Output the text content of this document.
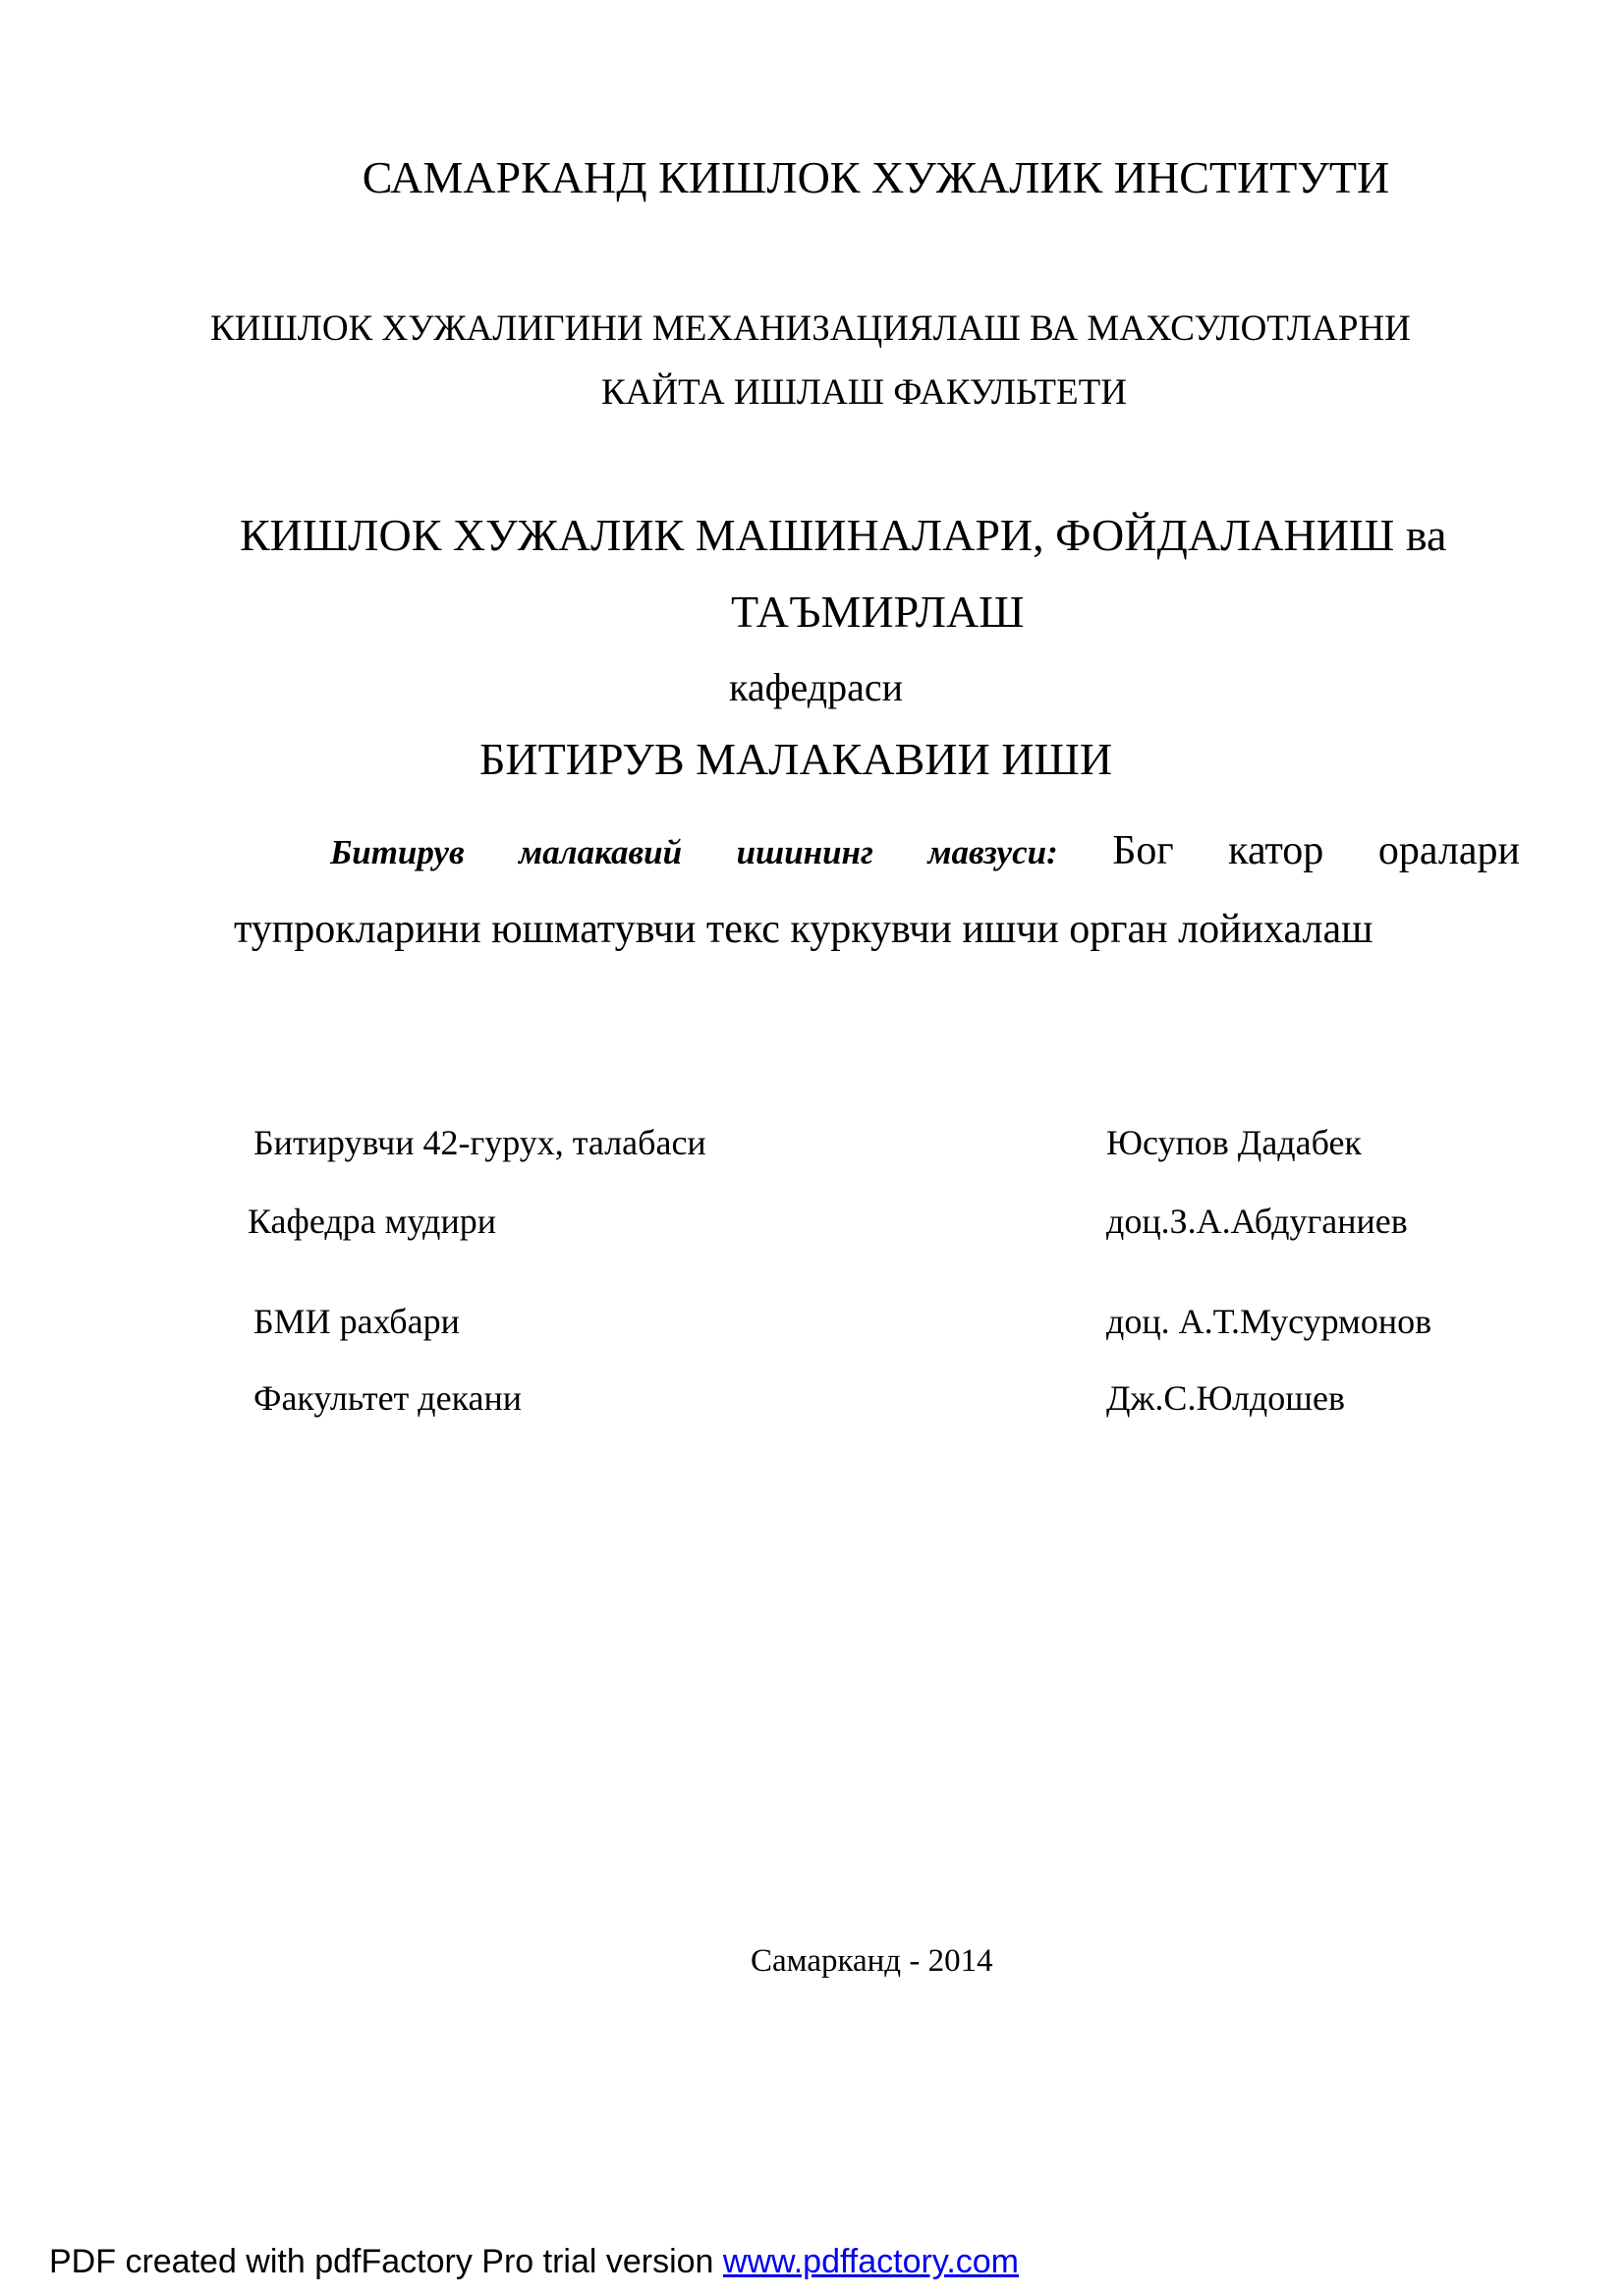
САМАРКАНД КИШЛОК ХУЖАЛИК ИНСТИТУТИ
КИШЛОК ХУЖАЛИГИНИ МЕХАНИЗАЦИЯЛАШ ВА МАХСУЛОТЛАРНИ
КАЙТА ИШЛАШ ФАКУЛЬТЕТИ
КИШЛОК ХУЖАЛИК МАШИНАЛАРИ, ФОЙДАЛАНИШ ва
ТАЪМИРЛАШ
кафедраси
БИТИРУВ МАЛАКАВИИ ИШИ
Битирув малакавий ишининг мавзуси: Бог катор оралари
тупрокларини юшматувчи текс куркувчи ишчи орган лойихалаш
Битирувчи 42-гурух, талабаси	Юсупов Дадабек
Кафедра мудири	доц.З.А.Абдуганиев
БМИ рахбари	доц. А.Т.Мусурмонов
Факультет декани	Дж.С.Юлдошев
Самарканд - 2014
PDF created with pdfFactory Pro trial version www.pdffactory.com
